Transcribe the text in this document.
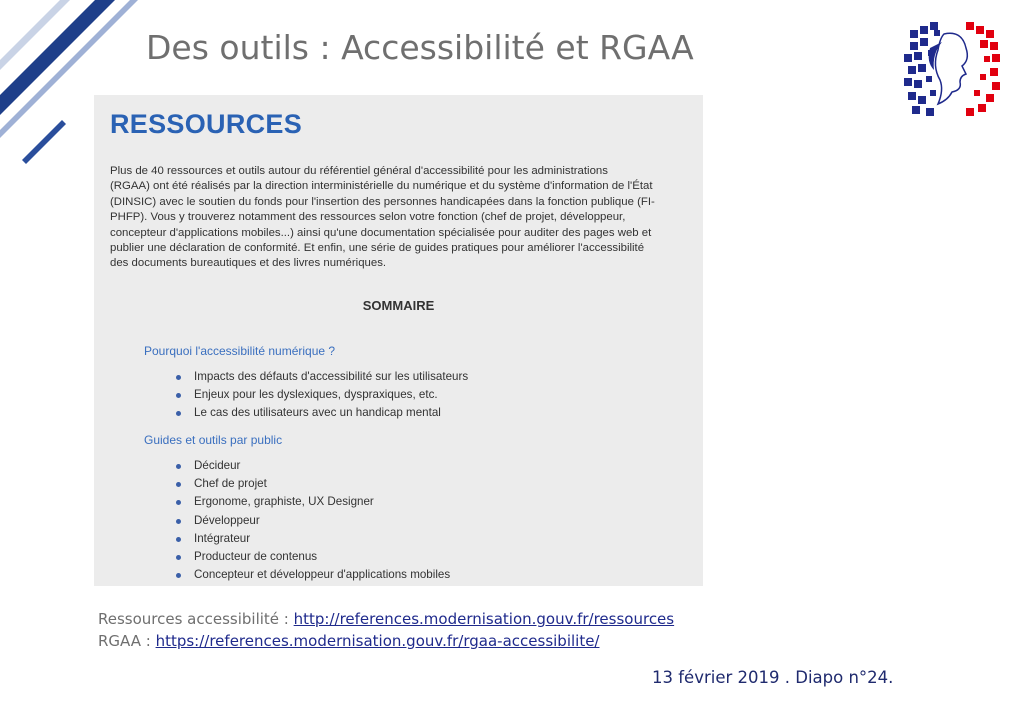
Des outils : Accessibilité et RGAA
RESSOURCES
Plus de 40 ressources et outils autour du référentiel général d'accessibilité pour les administrations
(RGAA) ont été réalisés par la direction interministérielle du numérique et du système d'information de l'État
(DINSIC) avec le soutien du fonds pour l'insertion des personnes handicapées dans la fonction publique (FI-
PHFP). Vous y trouverez notamment des ressources selon votre fonction (chef de projet, développeur,
concepteur d'applications mobiles...) ainsi qu'une documentation spécialisée pour auditer des pages web et
publier une déclaration de conformité. Et enfin, une série de guides pratiques pour améliorer l'accessibilité
des documents bureautiques et des livres numériques.
SOMMAIRE
Pourquoi l'accessibilité numérique ?
Impacts des défauts d'accessibilité sur les utilisateurs
Enjeux pour les dyslexiques, dyspraxiques, etc.
Le cas des utilisateurs avec un handicap mental
Guides et outils par public
Décideur
Chef de projet
Ergonome, graphiste, UX Designer
Développeur
Intégrateur
Producteur de contenus
Concepteur et développeur d'applications mobiles
Ressources accessibilité : http://references.modernisation.gouv.fr/ressources
RGAA : https://references.modernisation.gouv.fr/rgaa-accessibilite/
13 février 2019 . Diapo n°24.
